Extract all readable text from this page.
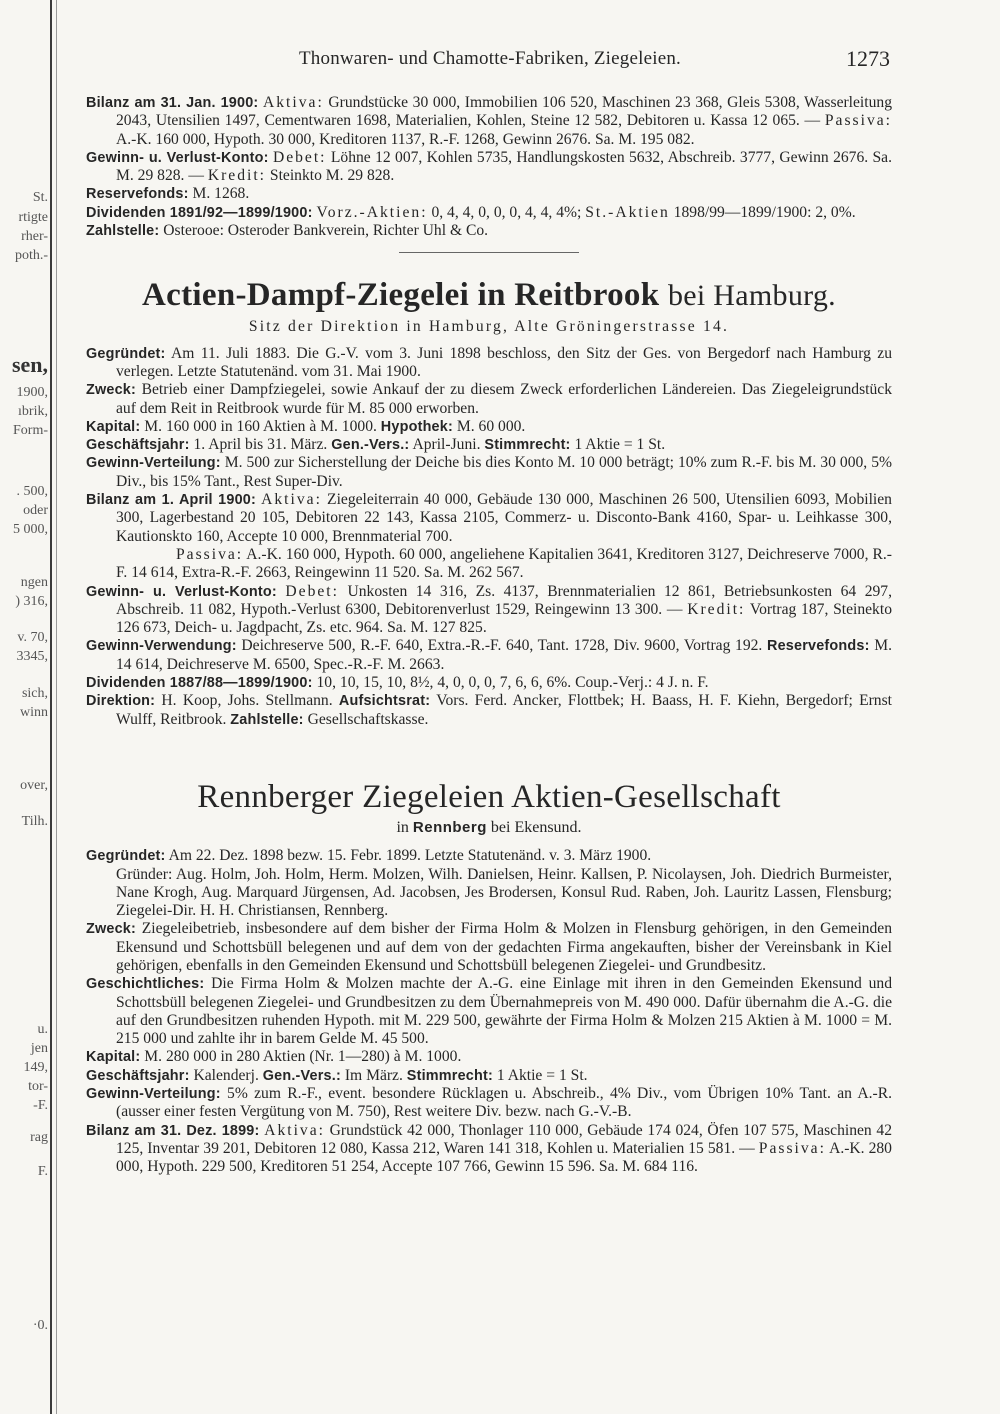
St.
rtigte
rher-
poth.-
sen,
1900,
ıbrik,
Form-
. 500,
oder
5 000,
ngen
) 316,
v. 70,
3345,
sich,
winn
over,
Tilh.
u.
jen
149,
tor-
-F.
rag
F.
·0.
Thonwaren- und Chamotte-Fabriken, Ziegeleien.	1273

Bilanz am 31. Jan. 1900: Aktiva: Grundstücke 30 000, Immobilien 106 520, Maschinen 23 368, Gleis 5308, Wasserleitung 2043, Utensilien 1497, Cementwaren 1698, Materialien, Kohlen, Steine 12 582, Debitoren u. Kassa 12 065. — Passiva: A.-K. 160 000, Hypoth. 30 000, Kreditoren 1137, R.-F. 1268, Gewinn 2676. Sa. M. 195 082.

Gewinn- u. Verlust-Konto: Debet: Löhne 12 007, Kohlen 5735, Handlungskosten 5632, Abschreib. 3777, Gewinn 2676. Sa. M. 29 828. — Kredit: Steinkto M. 29 828.

Reservefonds: M. 1268.

Dividenden 1891/92—1899/1900: Vorz.-Aktien: 0, 4, 4, 0, 0, 0, 4, 4, 4%; St.-Aktien 1898/99—1899/1900: 2, 0%.

Zahlstelle: Osterooe: Osteroder Bankverein, Richter Uhl & Co.

Actien-Dampf-Ziegelei in Reitbrook bei Hamburg.
Sitz der Direktion in Hamburg, Alte Gröningerstrasse 14.

Gegründet: Am 11. Juli 1883. Die G.-V. vom 3. Juni 1898 beschloss, den Sitz der Ges. von Bergedorf nach Hamburg zu verlegen. Letzte Statutenänd. vom 31. Mai 1900.

Zweck: Betrieb einer Dampfziegelei, sowie Ankauf der zu diesem Zweck erforderlichen Ländereien. Das Ziegeleigrundstück auf dem Reit in Reitbrook wurde für M. 85 000 erworben.

Kapital: M. 160 000 in 160 Aktien à M. 1000. Hypothek: M. 60 000.

Geschäftsjahr: 1. April bis 31. März. Gen.-Vers.: April-Juni. Stimmrecht: 1 Aktie = 1 St.

Gewinn-Verteilung: M. 500 zur Sicherstellung der Deiche bis dies Konto M. 10 000 beträgt; 10% zum R.-F. bis M. 30 000, 5% Div., bis 15% Tant., Rest Super-Div.

Bilanz am 1. April 1900: Aktiva: Ziegeleiterrain 40 000, Gebäude 130 000, Maschinen 26 500, Utensilien 6093, Mobilien 300, Lagerbestand 20 105, Debitoren 22 143, Kassa 2105, Commerz- u. Disconto-Bank 4160, Spar- u. Leihkasse 300, Kautionskto 160, Accepte 10 000, Brennmaterial 700.

Passiva: A.-K. 160 000, Hypoth. 60 000, angeliehene Kapitalien 3641, Kreditoren 3127, Deichreserve 7000, R.-F. 14 614, Extra-R.-F. 2663, Reingewinn 11 520. Sa. M. 262 567.

Gewinn- u. Verlust-Konto: Debet: Unkosten 14 316, Zs. 4137, Brennmaterialien 12 861, Betriebsunkosten 64 297, Abschreib. 11 082, Hypoth.-Verlust 6300, Debitorenverlust 1529, Reingewinn 13 300. — Kredit: Vortrag 187, Steinekto 126 673, Deich- u. Jagdpacht, Zs. etc. 964. Sa. M. 127 825.

Gewinn-Verwendung: Deichreserve 500, R.-F. 640, Extra.-R.-F. 640, Tant. 1728, Div. 9600, Vortrag 192. Reservefonds: M. 14 614, Deichreserve M. 6500, Spec.-R.-F. M. 2663.

Dividenden 1887/88—1899/1900: 10, 10, 15, 10, 8½, 4, 0, 0, 0, 7, 6, 6, 6%. Coup.-Verj.: 4 J. n. F.

Direktion: H. Koop, Johs. Stellmann. Aufsichtsrat: Vors. Ferd. Ancker, Flottbek; H. Baass, H. F. Kiehn, Bergedorf; Ernst Wulff, Reitbrook. Zahlstelle: Gesellschaftskasse.

Rennberger Ziegeleien Aktien-Gesellschaft
in Rennberg bei Ekensund.

Gegründet: Am 22. Dez. 1898 bezw. 15. Febr. 1899. Letzte Statutenänd. v. 3. März 1900.

Gründer: Aug. Holm, Joh. Holm, Herm. Molzen, Wilh. Danielsen, Heinr. Kallsen, P. Nicolaysen, Joh. Diedrich Burmeister, Nane Krogh, Aug. Marquard Jürgensen, Ad. Jacobsen, Jes Brodersen, Konsul Rud. Raben, Joh. Lauritz Lassen, Flensburg; Ziegelei-Dir. H. H. Christiansen, Rennberg.

Zweck: Ziegeleibetrieb, insbesondere auf dem bisher der Firma Holm & Molzen in Flensburg gehörigen, in den Gemeinden Ekensund und Schottsbüll belegenen und auf dem von der gedachten Firma angekauften, bisher der Vereinsbank in Kiel gehörigen, ebenfalls in den Gemeinden Ekensund und Schottsbüll belegenen Ziegelei- und Grundbesitz.

Geschichtliches: Die Firma Holm & Molzen machte der A.-G. eine Einlage mit ihren in den Gemeinden Ekensund und Schottsbüll belegenen Ziegelei- und Grundbesitzen zu dem Übernahmepreis von M. 490 000. Dafür übernahm die A.-G. die auf den Grundbesitzen ruhenden Hypoth. mit M. 229 500, gewährte der Firma Holm & Molzen 215 Aktien à M. 1000 = M. 215 000 und zahlte ihr in barem Gelde M. 45 500.

Kapital: M. 280 000 in 280 Aktien (Nr. 1—280) à M. 1000.

Geschäftsjahr: Kalenderj. Gen.-Vers.: Im März. Stimmrecht: 1 Aktie = 1 St.

Gewinn-Verteilung: 5% zum R.-F., event. besondere Rücklagen u. Abschreib., 4% Div., vom Übrigen 10% Tant. an A.-R. (ausser einer festen Vergütung von M. 750), Rest weitere Div. bezw. nach G.-V.-B.

Bilanz am 31. Dez. 1899: Aktiva: Grundstück 42 000, Thonlager 110 000, Gebäude 174 024, Öfen 107 575, Maschinen 42 125, Inventar 39 201, Debitoren 12 080, Kassa 212, Waren 141 318, Kohlen u. Materialien 15 581. — Passiva: A.-K. 280 000, Hypoth. 229 500, Kreditoren 51 254, Accepte 107 766, Gewinn 15 596. Sa. M. 684 116.
